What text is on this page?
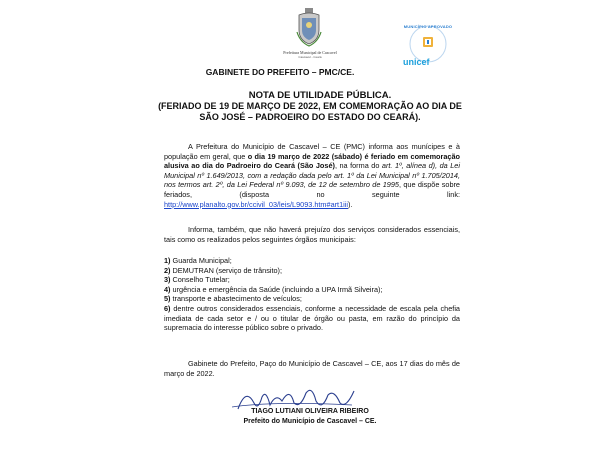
Prefeitura Municipal de Cascavel
Cascavel - Ceará
MUNICÍPIO APROVADO
unicef
GABINETE DO PREFEITO – PMC/CE.
NOTA DE UTILIDADE PÚBLICA.
(FERIADO DE 19 DE MARÇO DE 2022, EM COMEMORAÇÃO AO DIA DE SÃO JOSÉ – PADROEIRO DO ESTADO DO CEARÁ).
A Prefeitura do Município de Cascavel – CE (PMC) informa aos munícipes e à população em geral, que o dia 19 março de 2022 (sábado) é feriado em comemoração alusiva ao dia do Padroeiro do Ceará (São José), na forma do art. 1º, alínea d), da Lei Municipal nº 1.649/2013, com a redação dada pelo art. 1º da Lei Municipal nº 1.705/2014, nos termos art. 2º, da Lei Federal nº 9.093, de 12 de setembro de 1995, que dispõe sobre feriados, (disposta no seguinte link: http://www.planalto.gov.br/ccivil_03/leis/L9093.htm#art1iii).
Informa, também, que não haverá prejuízo dos serviços considerados essenciais, tais como os realizados pelos seguintes órgãos municipais:
1) Guarda Municipal;
2) DEMUTRAN (serviço de trânsito);
3) Conselho Tutelar;
4) urgência e emergência da Saúde (incluindo a UPA Irmã Silveira);
5) transporte e abastecimento de veículos;
6) dentre outros considerados essenciais, conforme a necessidade de escala pela chefia imediata de cada setor e / ou o titular de órgão ou pasta, em razão do princípio da supremacia do interesse público sobre o privado.
Gabinete do Prefeito, Paço do Município de Cascavel – CE, aos 17 dias do mês de março de 2022.
TIAGO LUTIANI OLIVEIRA RIBEIRO
Prefeito do Município de Cascavel – CE.
